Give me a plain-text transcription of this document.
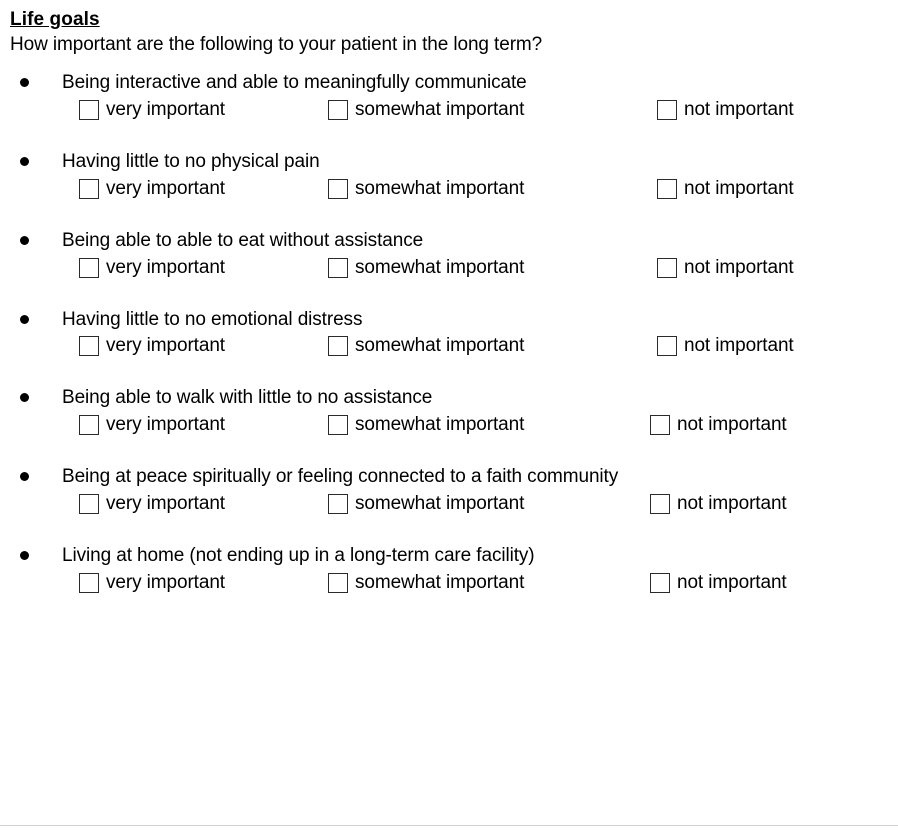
Life goals
How important are the following to your patient in the long term?
Being interactive and able to meaningfully communicate
very important	somewhat important	not important
Having little to no physical pain
very important	somewhat important	not important
Being able to able to eat without assistance
very important	somewhat important	not important
Having little to no emotional distress
very important	somewhat important	not important
Being able to walk with little to no assistance
very important	somewhat important	not important
Being at peace spiritually or feeling connected to a faith community
very important	somewhat important	not important
Living at home (not ending up in a long-term care facility)
very important	somewhat important	not important
